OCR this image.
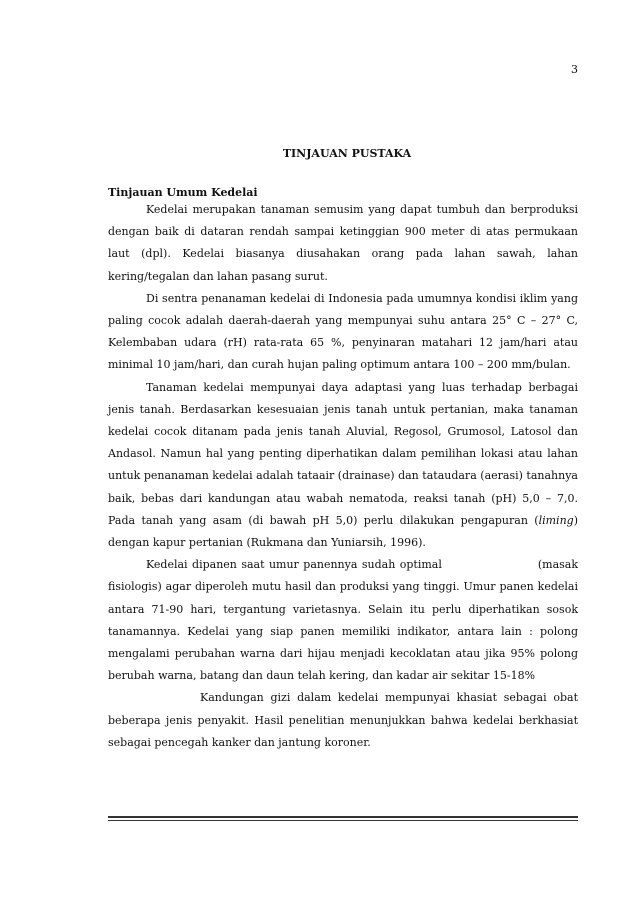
3
TINJAUAN PUSTAKA
Tinjauan Umum Kedelai

Kedelai merupakan tanaman semusim yang dapat tumbuh dan berproduksi dengan baik di dataran rendah sampai ketinggian 900 meter di atas permukaan laut (dpl). Kedelai biasanya diusahakan orang pada lahan sawah, lahan kering/tegalan dan lahan pasang surut.

Di sentra penanaman kedelai di Indonesia pada umumnya kondisi iklim yang paling cocok adalah daerah-daerah yang mempunyai suhu antara 25° C – 27° C, Kelembaban udara (rH) rata-rata 65 %, penyinaran matahari 12 jam/hari atau minimal 10 jam/hari, dan curah hujan paling optimum antara 100 – 200 mm/bulan.

Tanaman kedelai mempunyai daya adaptasi yang luas terhadap berbagai jenis tanah. Berdasarkan kesesuaian jenis tanah untuk pertanian, maka tanaman kedelai cocok ditanam pada jenis tanah Aluvial, Regosol, Grumosol, Latosol dan Andasol. Namun hal yang penting diperhatikan dalam pemilihan lokasi atau lahan untuk penanaman kedelai adalah tataair (drainase) dan tataudara (aerasi) tanahnya baik, bebas dari kandungan atau wabah nematoda, reaksi tanah (pH) 5,0 – 7,0. Pada tanah yang asam (di bawah pH 5,0) perlu dilakukan pengapuran (liming) dengan kapur pertanian (Rukmana dan Yuniarsih, 1996).

Kedelai dipanen saat umur panennya sudah optimal	(masak fisiologis) agar diperoleh mutu hasil dan produksi yang tinggi. Umur panen kedelai antara 71-90 hari, tergantung varietasnya. Selain itu perlu diperhatikan sosok tanamannya. Kedelai yang siap panen memiliki indikator, antara lain : polong mengalami perubahan warna dari hijau menjadi kecoklatan atau jika 95% polong berubah warna, batang dan daun telah kering, dan kadar air sekitar 15-18%

Kandungan gizi dalam kedelai mempunyai khasiat sebagai obat beberapa jenis penyakit. Hasil penelitian menunjukkan bahwa kedelai berkhasiat sebagai pencegah kanker dan jantung koroner.
